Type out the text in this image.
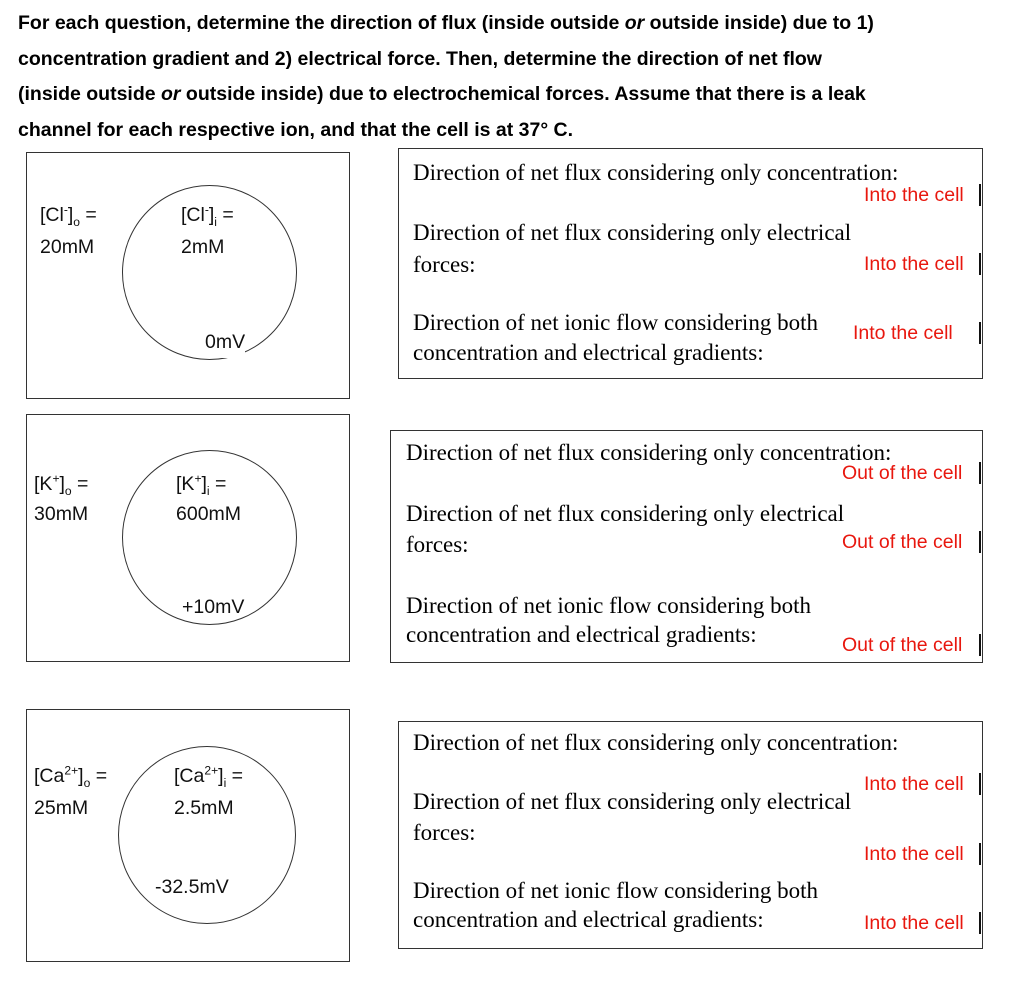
For each question, determine the direction of flux (inside outside or outside inside) due to 1)
concentration gradient and 2) electrical force. Then, determine the direction of net flow
(inside outside or outside inside) due to electrochemical forces. Assume that there is a leak
channel for each respective ion, and that the cell is at 37° C.
$[Cl^-]_o$ =
20mM
$[Cl^-]_i$ =
2mM
0mV
Direction of net flux considering only concentration:
Into the cell
Direction of net flux considering only electrical
forces:	Into the cell
Direction of net ionic flow considering both
concentration and electrical gradients:
Into the cell
$[K^+]_o$ =
30mM
$[K^+]_i$ =
600mM
+10mV
Direction of net flux considering only concentration:
Out of the cell
Direction of net flux considering only electrical
forces:	Out of the cell
Direction of net ionic flow considering both
concentration and electrical gradients:	Out of the cell
$[Ca^{2+}]_o$ =
25mM
$[Ca^{2+}]_i$ =
2.5mM
-32.5mV
Direction of net flux considering only concentration:
Into the cell
Direction of net flux considering only electrical
forces:
Into the cell
Direction of net ionic flow considering both
concentration and electrical gradients:	Into the cell
